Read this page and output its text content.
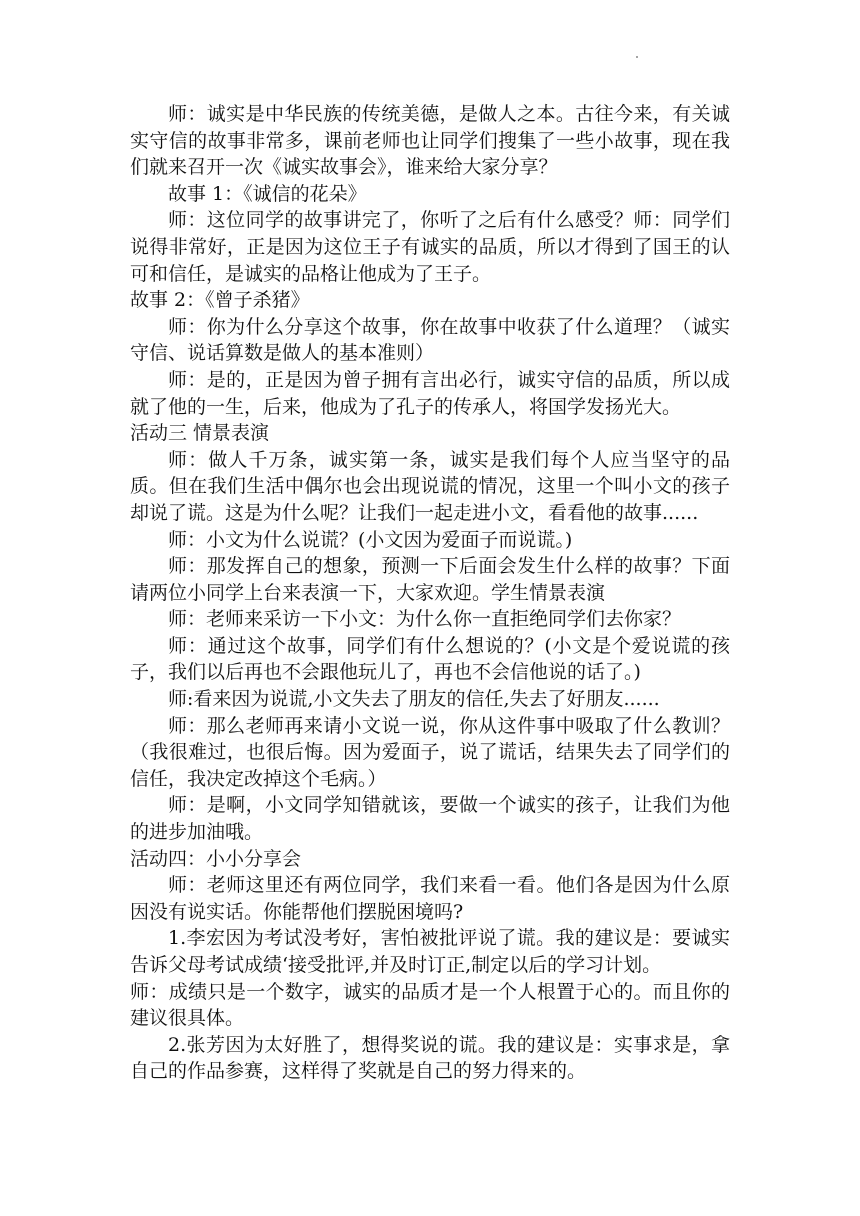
师：诚实是中华民族的传统美德，是做人之本。古往今来，有关诚实守信的故事非常多，课前老师也让同学们搜集了一些小故事，现在我们就来召开一次《诚实故事会》，谁来给大家分享？

故事 1：《诚信的花朵》

师：这位同学的故事讲完了，你听了之后有什么感受？师：同学们说得非常好，正是因为这位王子有诚实的品质，所以才得到了国王的认可和信任，是诚实的品格让他成为了王子。

故事 2：《曾子杀猪》

师：你为什么分享这个故事，你在故事中收获了什么道理？（诚实守信、说话算数是做人的基本准则）

师：是的，正是因为曾子拥有言出必行，诚实守信的品质，所以成就了他的一生，后来，他成为了孔子的传承人，将国学发扬光大。

活动三 情景表演

师：做人千万条，诚实第一条，诚实是我们每个人应当坚守的品质。但在我们生活中偶尔也会出现说谎的情况，这里一个叫小文的孩子却说了谎。这是为什么呢？让我们一起走进小文，看看他的故事......

师：小文为什么说谎？(小文因为爱面子而说谎。)

师：那发挥自己的想象，预测一下后面会发生什么样的故事？下面请两位小同学上台来表演一下，大家欢迎。学生情景表演

师：老师来采访一下小文：为什么你一直拒绝同学们去你家？

师：通过这个故事，同学们有什么想说的？(小文是个爱说谎的孩子，我们以后再也不会跟他玩儿了，再也不会信他说的话了。)

师:看来因为说谎,小文失去了朋友的信任,失去了好朋友......

师：那么老师再来请小文说一说，你从这件事中吸取了什么教训？（我很难过，也很后悔。因为爱面子，说了谎话，结果失去了同学们的信任，我决定改掉这个毛病。）

师：是啊，小文同学知错就该，要做一个诚实的孩子，让我们为他的进步加油哦。

活动四：小小分享会

师：老师这里还有两位同学，我们来看一看。他们各是因为什么原因没有说实话。你能帮他们摆脱困境吗?

1.李宏因为考试没考好，害怕被批评说了谎。我的建议是：要诚实告诉父母考试成绩‘接受批评,并及时订正,制定以后的学习计划。

师：成绩只是一个数字，诚实的品质才是一个人根置于心的。而且你的建议很具体。

2.张芳因为太好胜了，想得奖说的谎。我的建议是：实事求是，拿自己的作品参赛，这样得了奖就是自己的努力得来的。
